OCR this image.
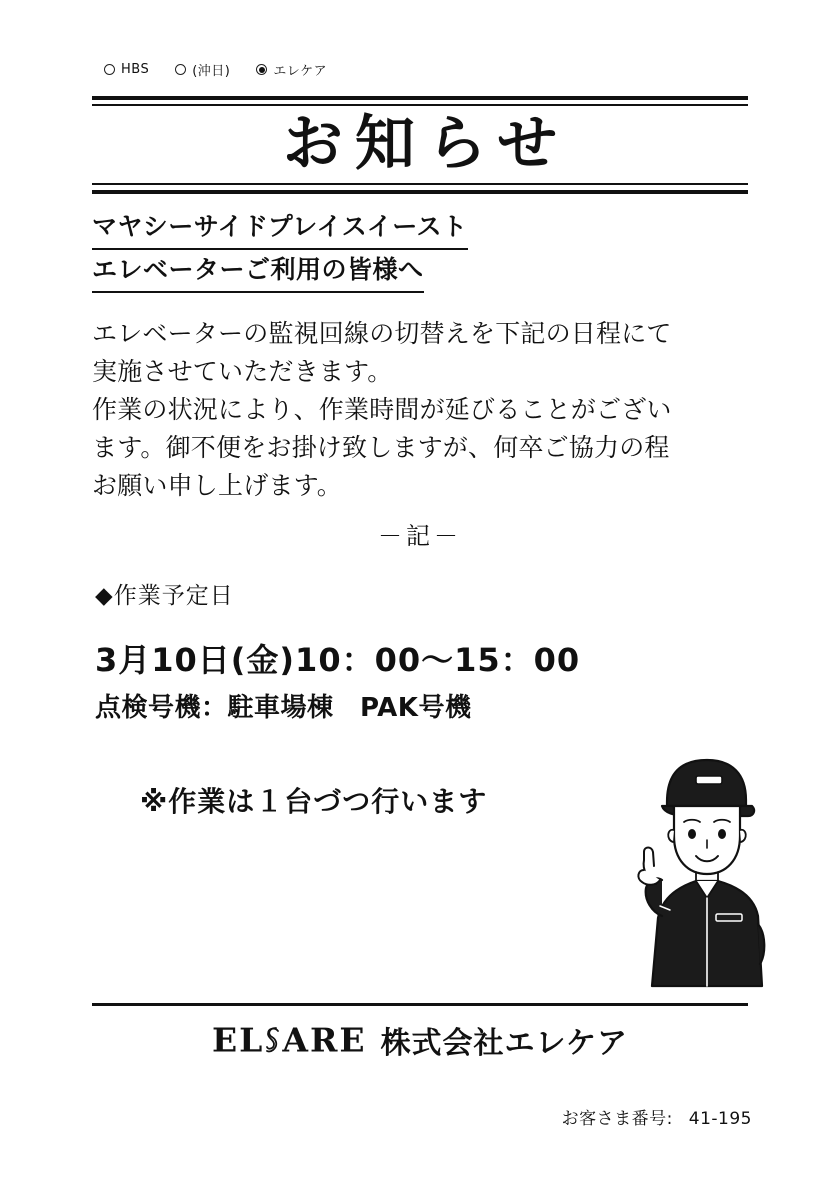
HBS	(沖日)	エレケア
お知らせ
マヤシーサイドプレイスイースト
エレベーターご利用の皆様へ
エレベーターの監視回線の切替えを下記の日程にて
実施させていただきます。
作業の状況により、作業時間が延びることがござい
ます。御不便をお掛け致しますが、何卒ご協力の程
お願い申し上げます。
－記－
◆作業予定日
3月10日(金)10：00〜15：00
点検号機：駐車場棟　PAK号機
※作業は１台づつ行います
EL ARE 株式会社エレケア
お客さま番号: 41-195
